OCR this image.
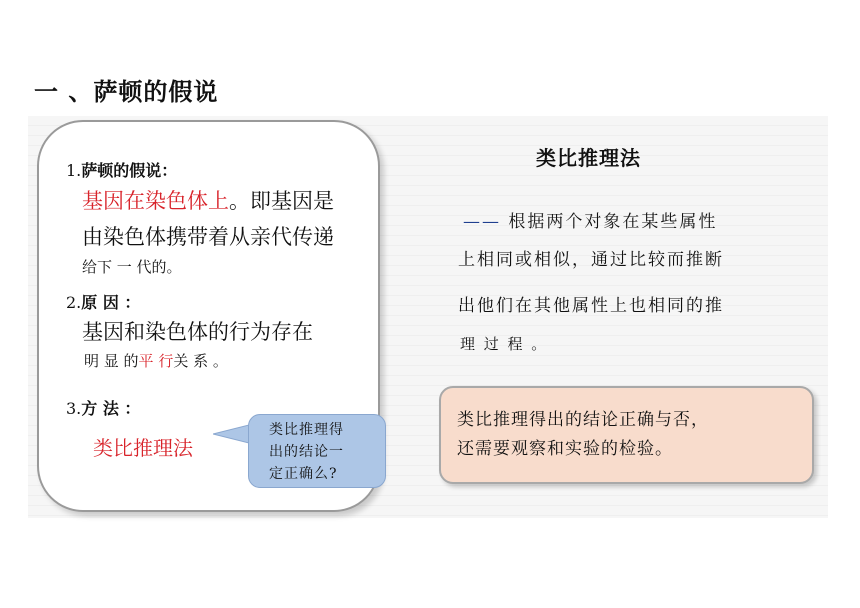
一 、萨顿的假说
1.萨顿的假说：
基因在染色体上。即基因是
由染色体携带着从亲代传递
给下 一 代的。
2.原 因 ：
基因和染色体的行为存在
明 显 的平 行关 系 。
3.方 法 ：
类比推理法
类比推理得
出的结论一
定正确么?
类比推理法
—— 根据两个对象在某些属性
上相同或相似，通过比较而推断
出他们在其他属性上也相同的推
理 过 程 。
类比推理得出的结论正确与否，
还需要观察和实验的检验。
